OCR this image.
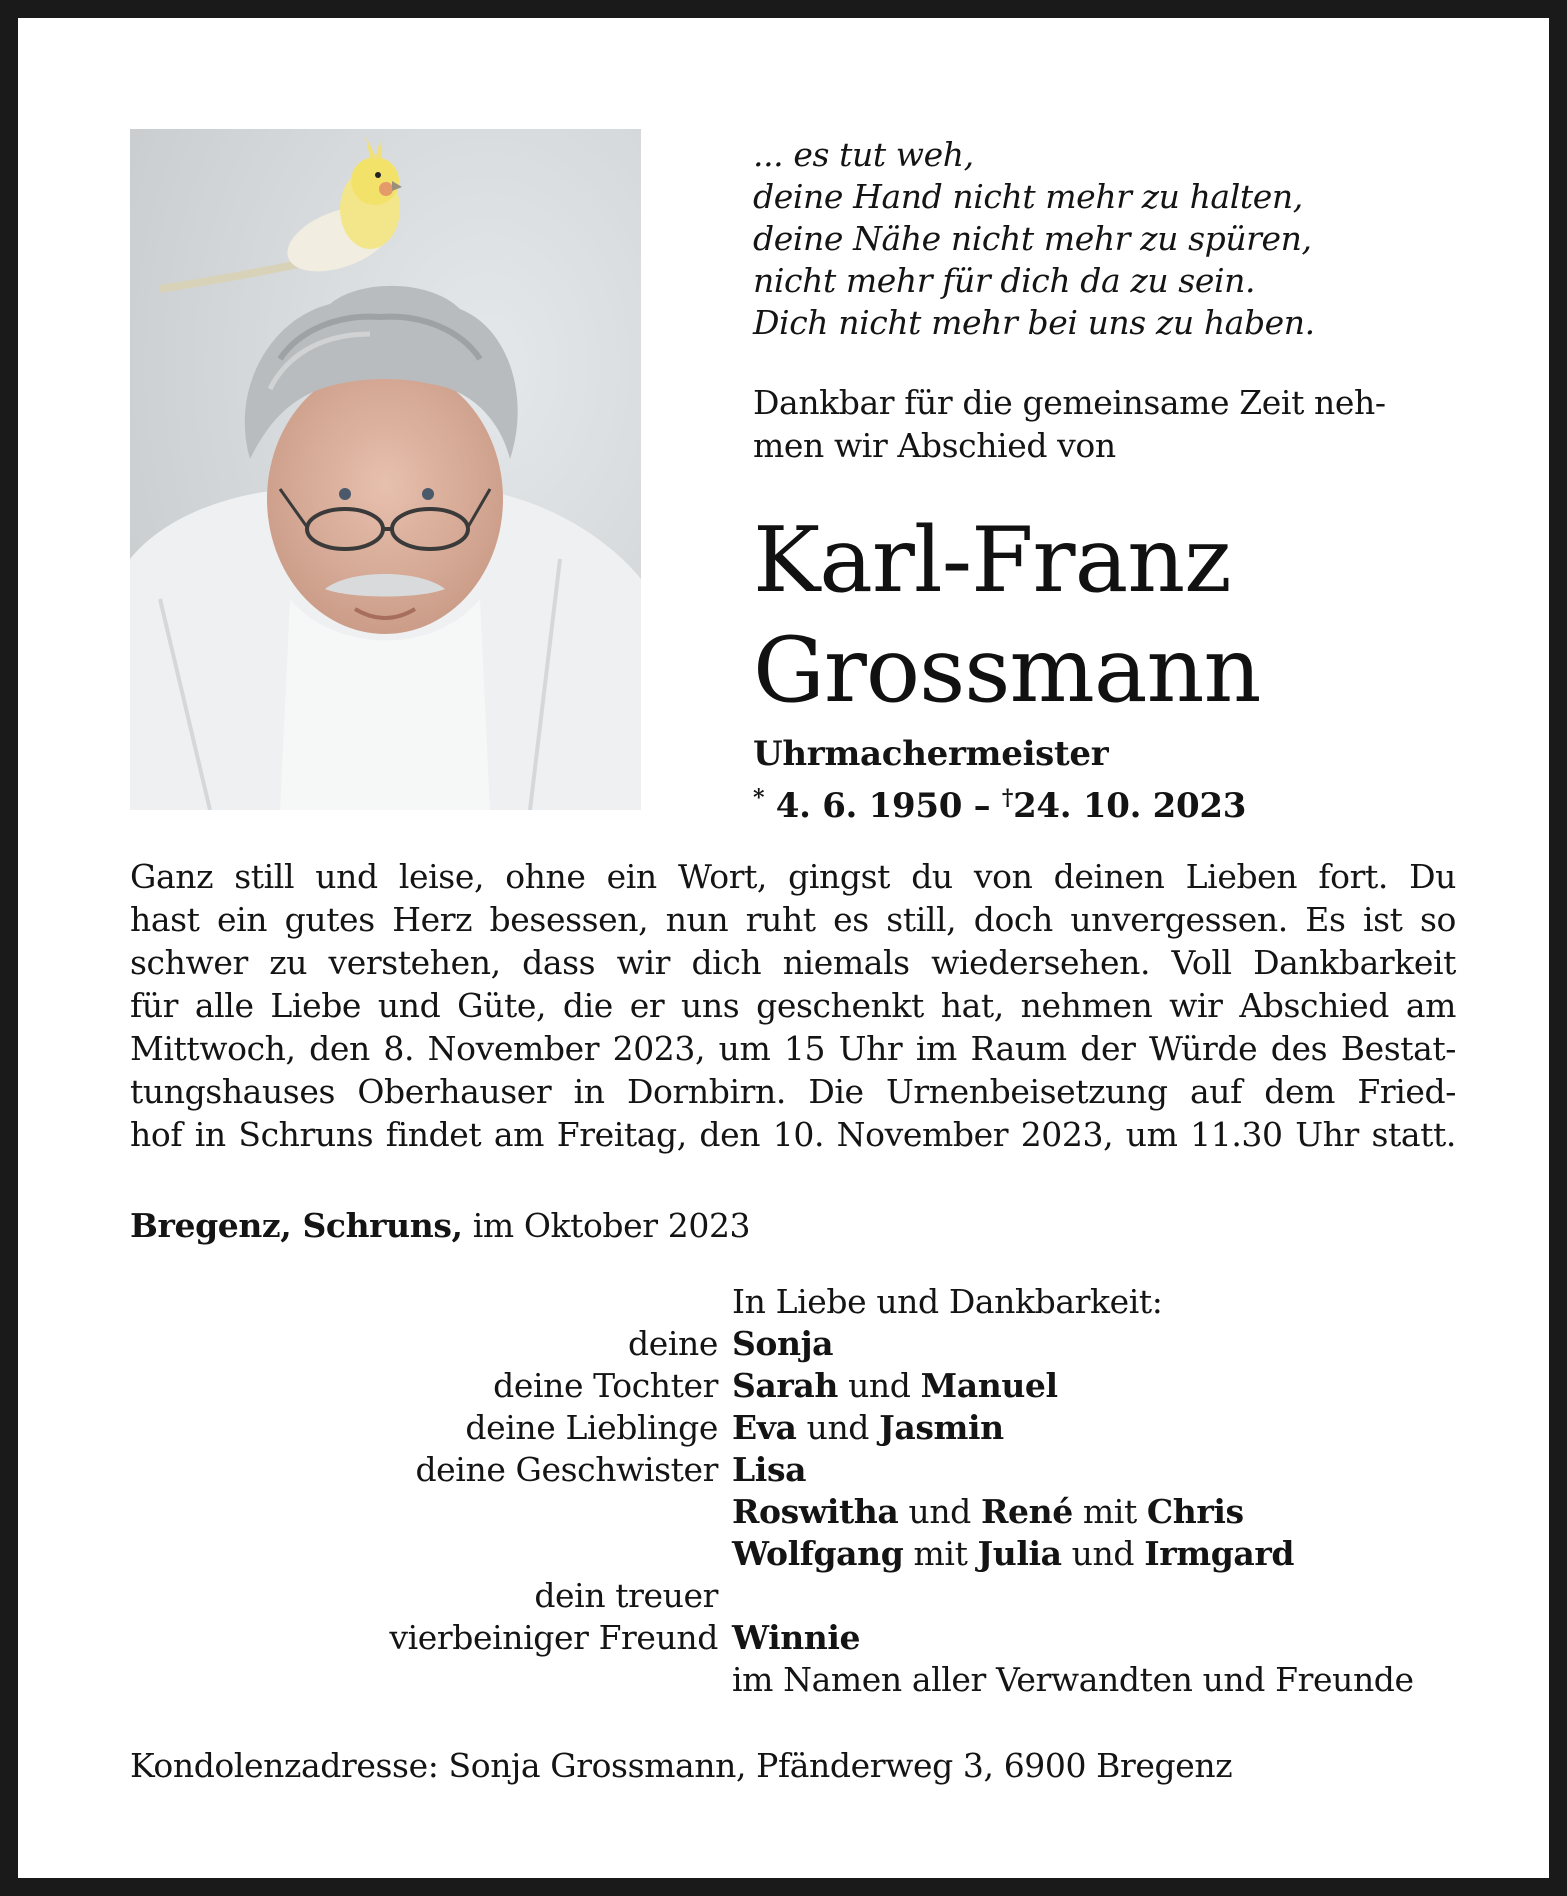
... es tut weh,
deine Hand nicht mehr zu halten,
deine Nähe nicht mehr zu spüren,
nicht mehr für dich da zu sein.
Dich nicht mehr bei uns zu haben.
Dankbar für die gemeinsame Zeit neh-
men wir Abschied von
Karl-Franz
Grossmann
Uhrmachermeister
* 4. 6. 1950 – †24. 10. 2023
Ganz still und leise, ohne ein Wort, gingst du von deinen Lieben fort. Du
hast ein gutes Herz besessen, nun ruht es still, doch unvergessen. Es ist so
schwer zu verstehen, dass wir dich niemals wiedersehen. Voll Dankbarkeit
für alle Liebe und Güte, die er uns geschenkt hat, nehmen wir Abschied am
Mittwoch, den 8. November 2023, um 15 Uhr im Raum der Würde des Bestat-
tungshauses Oberhauser in Dornbirn. Die Urnenbeisetzung auf dem Fried-
hof in Schruns findet am Freitag, den 10. November 2023, um 11.30 Uhr statt.
Bregenz, Schruns, im Oktober 2023
In Liebe und Dankbarkeit:
deine Sonja
deine Tochter Sarah und Manuel
deine Lieblinge Eva und Jasmin
deine Geschwister Lisa
Roswitha und René mit Chris
Wolfgang mit Julia und Irmgard
dein treuer
vierbeiniger Freund Winnie
im Namen aller Verwandten und Freunde
Kondolenzadresse: Sonja Grossmann, Pfänderweg 3, 6900 Bregenz
